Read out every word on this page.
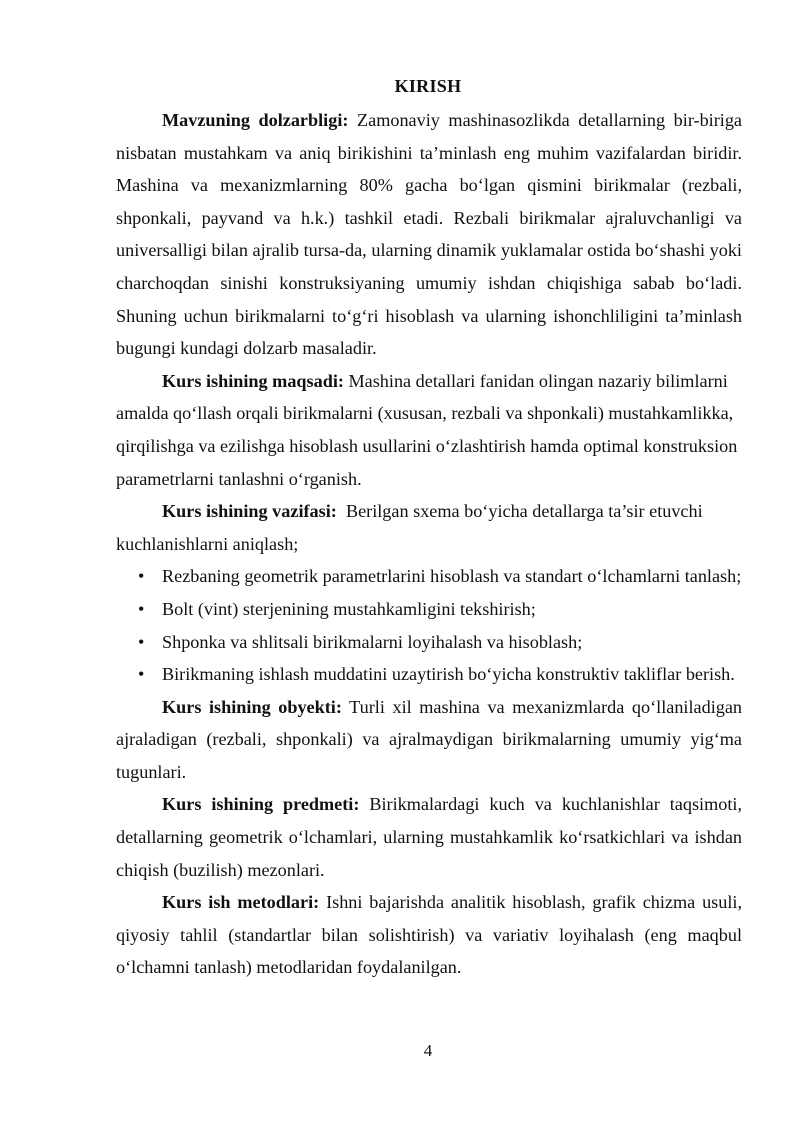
KIRISH

Mavzuning dolzarbligi: Zamonaviy mashinasozlikda detallarning bir-biriga nisbatan mustahkam va aniq birikishini ta’minlash eng muhim vazifalardan biridir. Mashina va mexanizmlarning 80% gacha bo‘lgan qismini birikmalar (rezbali, shponkali, payvand va h.k.) tashkil etadi. Rezbali birikmalar ajraluvchanligi va universalligi bilan ajralib tursa-da, ularning dinamik yuklamalar ostida bo‘shashi yoki charchoqdan sinishi konstruksiyaning umumiy ishdan chiqishiga sabab bo‘ladi. Shuning uchun birikmalarni to‘g‘ri hisoblash va ularning ishonchliligini ta’minlash bugungi kundagi dolzarb masaladir.

Kurs ishining maqsadi: Mashina detallari fanidan olingan nazariy bilimlarni amalda qo‘llash orqali birikmalarni (xususan, rezbali va shponkali) mustahkamlikka, qirqilishga va ezilishga hisoblash usullarini o‘zlashtirish hamda optimal konstruksion parametrlarni tanlashni o‘rganish.

Kurs ishining vazifasi:  Berilgan sxema bo‘yicha detallarga ta’sir etuvchi kuchlanishlarni aniqlash;

• Rezbaning geometrik parametrlarini hisoblash va standart o‘lchamlarni tanlash;
• Bolt (vint) sterjenining mustahkamligini tekshirish;
• Shponka va shlitsali birikmalarni loyihalash va hisoblash;
• Birikmaning ishlash muddatini uzaytirish bo‘yicha konstruktiv takliflar berish.

Kurs ishining obyekti: Turli xil mashina va mexanizmlarda qo‘llaniladigan ajraladigan (rezbali, shponkali) va ajralmaydigan birikmalarning umumiy yig‘ma tugunlari.

Kurs ishining predmeti: Birikmalardagi kuch va kuchlanishlar taqsimoti, detallarning geometrik o‘lchamlari, ularning mustahkamlik ko‘rsatkichlari va ishdan chiqish (buzilish) mezonlari.

Kurs ish metodlari: Ishni bajarishda analitik hisoblash, grafik chizma usuli, qiyosiy tahlil (standartlar bilan solishtirish) va variativ loyihalash (eng maqbul o‘lchamni tanlash) metodlaridan foydalanilgan.

4
